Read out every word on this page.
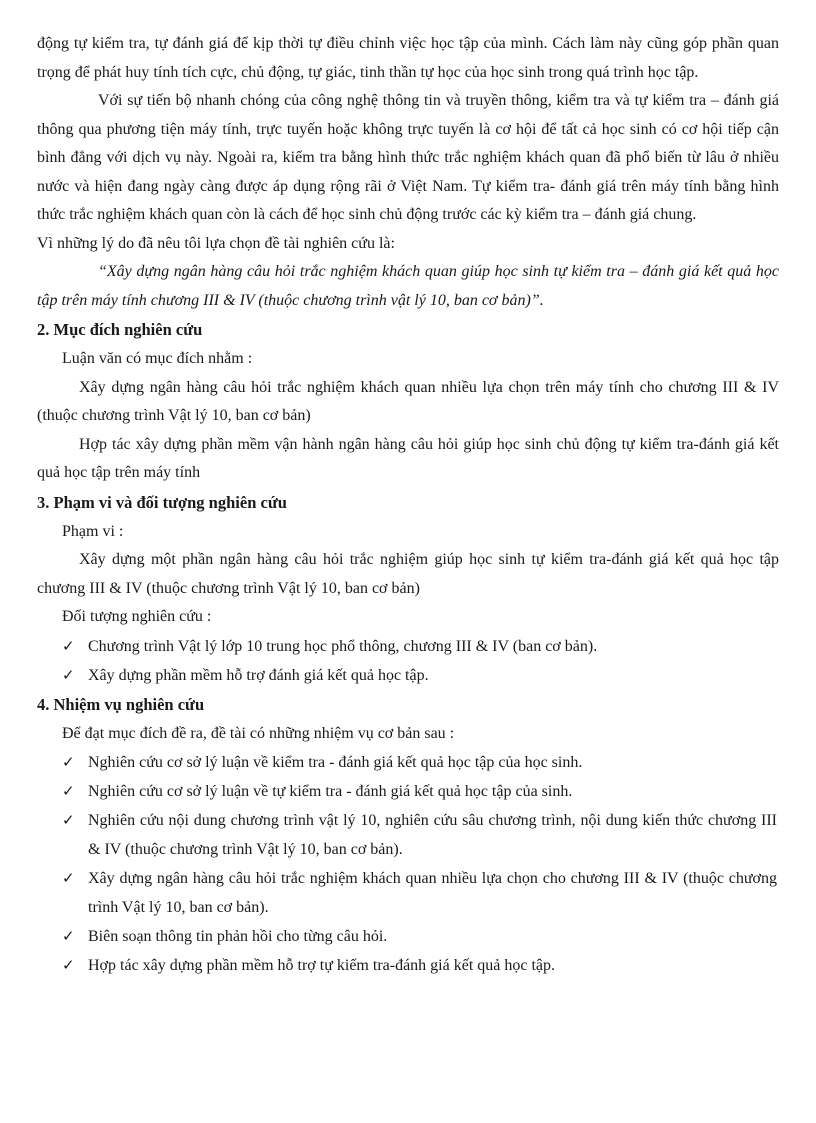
động tự kiểm tra, tự đánh giá để kịp thời tự điều chỉnh việc học tập của mình. Cách làm này cũng góp phần quan trọng để phát huy tính tích cực, chủ động, tự giác, tinh thần tự học của học sinh trong quá trình học tập.

Với sự tiến bộ nhanh chóng của công nghệ thông tin và truyền thông, kiểm tra và tự kiểm tra – đánh giá thông qua phương tiện máy tính, trực tuyến hoặc không trực tuyến là cơ hội để tất cả học sinh có cơ hội tiếp cận bình đẳng với dịch vụ này. Ngoài ra, kiểm tra bằng hình thức trắc nghiệm khách quan đã phổ biến từ lâu ở nhiều nước và hiện đang ngày càng được áp dụng rộng rãi ở Việt Nam. Tự kiểm tra- đánh giá trên máy tính bằng hình thức trắc nghiệm khách quan còn là cách để học sinh chủ động trước các kỳ kiểm tra – đánh giá chung.

Vì những lý do đã nêu tôi lựa chọn đề tài nghiên cứu là:

“Xây dựng ngân hàng câu hỏi trắc nghiệm khách quan giúp học sinh tự kiểm tra – đánh giá kết quả học tập trên máy tính chương III & IV (thuộc chương trình vật lý 10, ban cơ bản)”.

2. Mục đích nghiên cứu

Luận văn có mục đích nhằm :

Xây dựng ngân hàng câu hỏi trắc nghiệm khách quan nhiều lựa chọn trên máy tính cho chương III & IV (thuộc chương trình Vật lý 10, ban cơ bản)

Hợp tác xây dựng phần mềm vận hành ngân hàng câu hỏi giúp học sinh chủ động tự kiểm tra-đánh giá kết quả học tập trên máy tính

3. Phạm vi và đối tượng nghiên cứu

Phạm vi :

Xây dựng một phần ngân hàng câu hỏi trắc nghiệm giúp học sinh tự kiểm tra-đánh giá kết quả học tập chương III & IV (thuộc chương trình Vật lý 10, ban cơ bản)

Đối tượng nghiên cứu :

✓ Chương trình Vật lý lớp 10 trung học phổ thông, chương III & IV (ban cơ bản).
✓ Xây dựng phần mềm hỗ trợ đánh giá kết quả học tập.
4. Nhiệm vụ nghiên cứu

Để đạt mục đích đề ra, đề tài có những nhiệm vụ cơ bản sau :

✓ Nghiên cứu cơ sở lý luận về kiểm tra - đánh giá kết quả học tập của học sinh.
✓ Nghiên cứu cơ sở lý luận về tự kiểm tra - đánh giá kết quả học tập của sinh.
✓ Nghiên cứu nội dung chương trình vật lý 10, nghiên cứu sâu chương trình, nội dung kiến thức chương III & IV (thuộc chương trình Vật lý 10, ban cơ bản).
✓ Xây dựng ngân hàng câu hỏi trắc nghiệm khách quan nhiều lựa chọn cho chương III & IV (thuộc chương trình Vật lý 10, ban cơ bản).
✓ Biên soạn thông tin phản hồi cho từng câu hỏi.
✓ Hợp tác xây dựng phần mềm hỗ trợ tự kiểm tra-đánh giá kết quả học tập.
